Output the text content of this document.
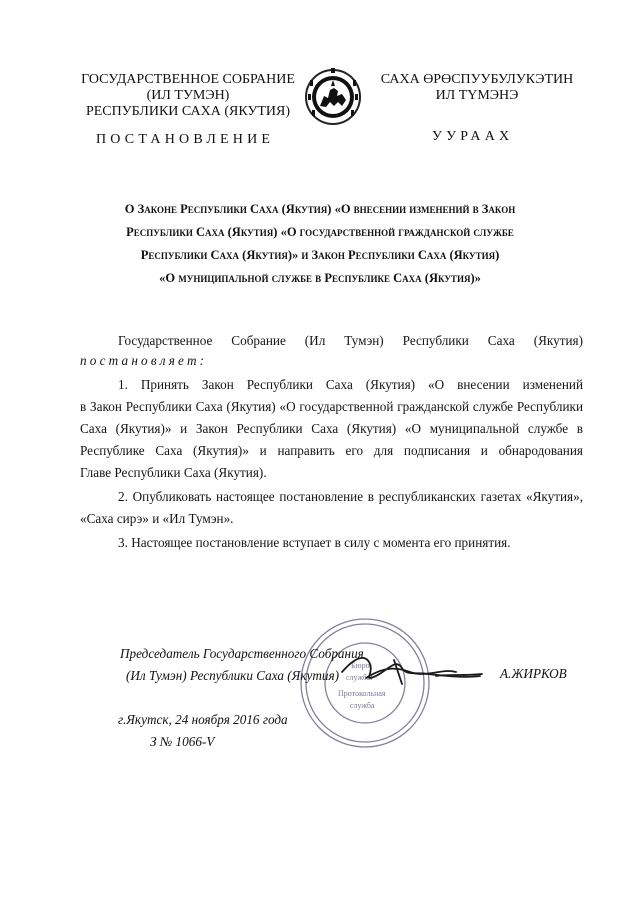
ГОСУДАРСТВЕННОЕ СОБРАНИЕ
(ИЛ ТУМЭН)
РЕСПУБЛИКИ САХА (ЯКУТИЯ)
САХА ӨРӨСПУУБУЛУКЭТИН
ИЛ ТҮМЭНЭ
ПОСТАНОВЛЕНИЕ	УУРААХ
О Законе Республики Саха (Якутия) «О внесении изменений в Закон
Республики Саха (Якутия) «О государственной гражданской службе
Республики Саха (Якутия)» и Закон Республики Саха (Якутия)
«О муниципальной службе в Республике Саха (Якутия)»
Государственное Собрание (Ил Тумэн) Республики Саха (Якутия)
постановляет:
1. Принять Закон Республики Саха (Якутия) «О внесении изменений
в Закон Республики Саха (Якутия) «О государственной гражданской службе Республики
Саха (Якутия)» и Закон Республики Саха (Якутия) «О муниципальной службе в
Республике Саха (Якутия)» и направить его для подписания и обнародования
Главе Республики Саха (Якутия).
2. Опубликовать настоящее постановление в республиканских газетах «Якутия»,
«Саха сирэ» и «Ил Тумэн».
3. Настоящее постановление вступает в силу с момента его принятия.
Бюро
службы
Протокольная
служба
Председатель Государственного Собрания
(Ил Тумэн) Республики Саха (Якутия)	А.ЖИРКОВ
г.Якутск, 24 ноября 2016 года
З № 1066-V
